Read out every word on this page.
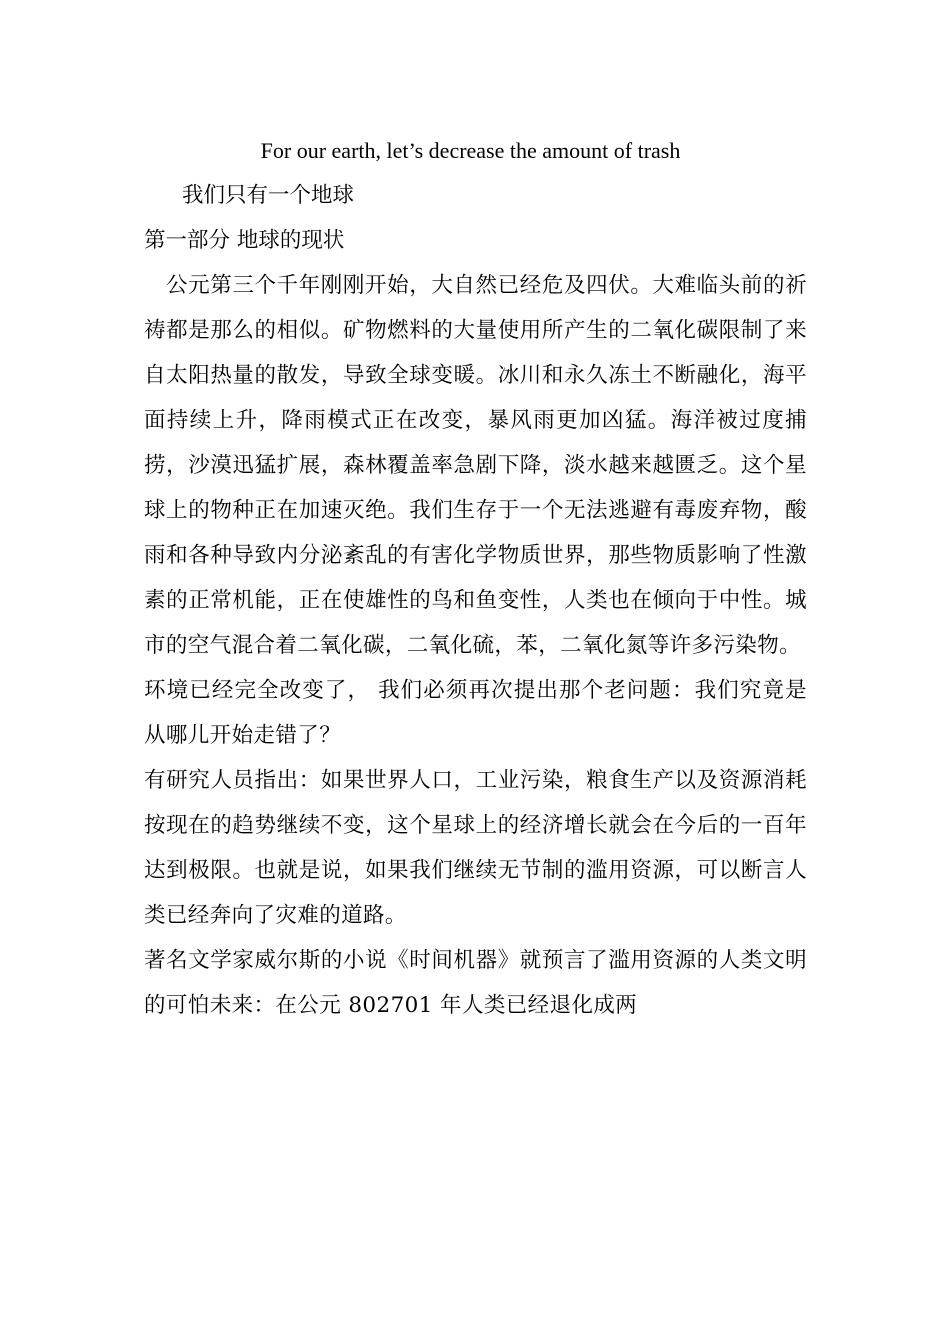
For our earth, let’s decrease the amount of trash

我们只有一个地球

第一部分 地球的现状

公元第三个千年刚刚开始，大自然已经危及四伏。大难临头前的祈祷都是那么的相似。矿物燃料的大量使用所产生的二氧化碳限制了来自太阳热量的散发，导致全球变暖。冰川和永久冻土不断融化，海平面持续上升，降雨模式正在改变，暴风雨更加凶猛。海洋被过度捕捞，沙漠迅猛扩展，森林覆盖率急剧下降，淡水越来越匮乏。这个星球上的物种正在加速灭绝。我们生存于一个无法逃避有毒废弃物，酸雨和各种导致内分泌紊乱的有害化学物质世界，那些物质影响了性激素的正常机能，正在使雄性的鸟和鱼变性，人类也在倾向于中性。城市的空气混合着二氧化碳，二氧化硫，苯，二氧化氮等许多污染物。

环境已经完全改变了， 我们必须再次提出那个老问题：我们究竟是从哪儿开始走错了？

有研究人员指出：如果世界人口，工业污染，粮食生产以及资源消耗按现在的趋势继续不变，这个星球上的经济增长就会在今后的一百年达到极限。也就是说，如果我们继续无节制的滥用资源，可以断言人类已经奔向了灾难的道路。

著名文学家威尔斯的小说《时间机器》就预言了滥用资源的人类文明的可怕未来：在公元 802701 年人类已经退化成两
